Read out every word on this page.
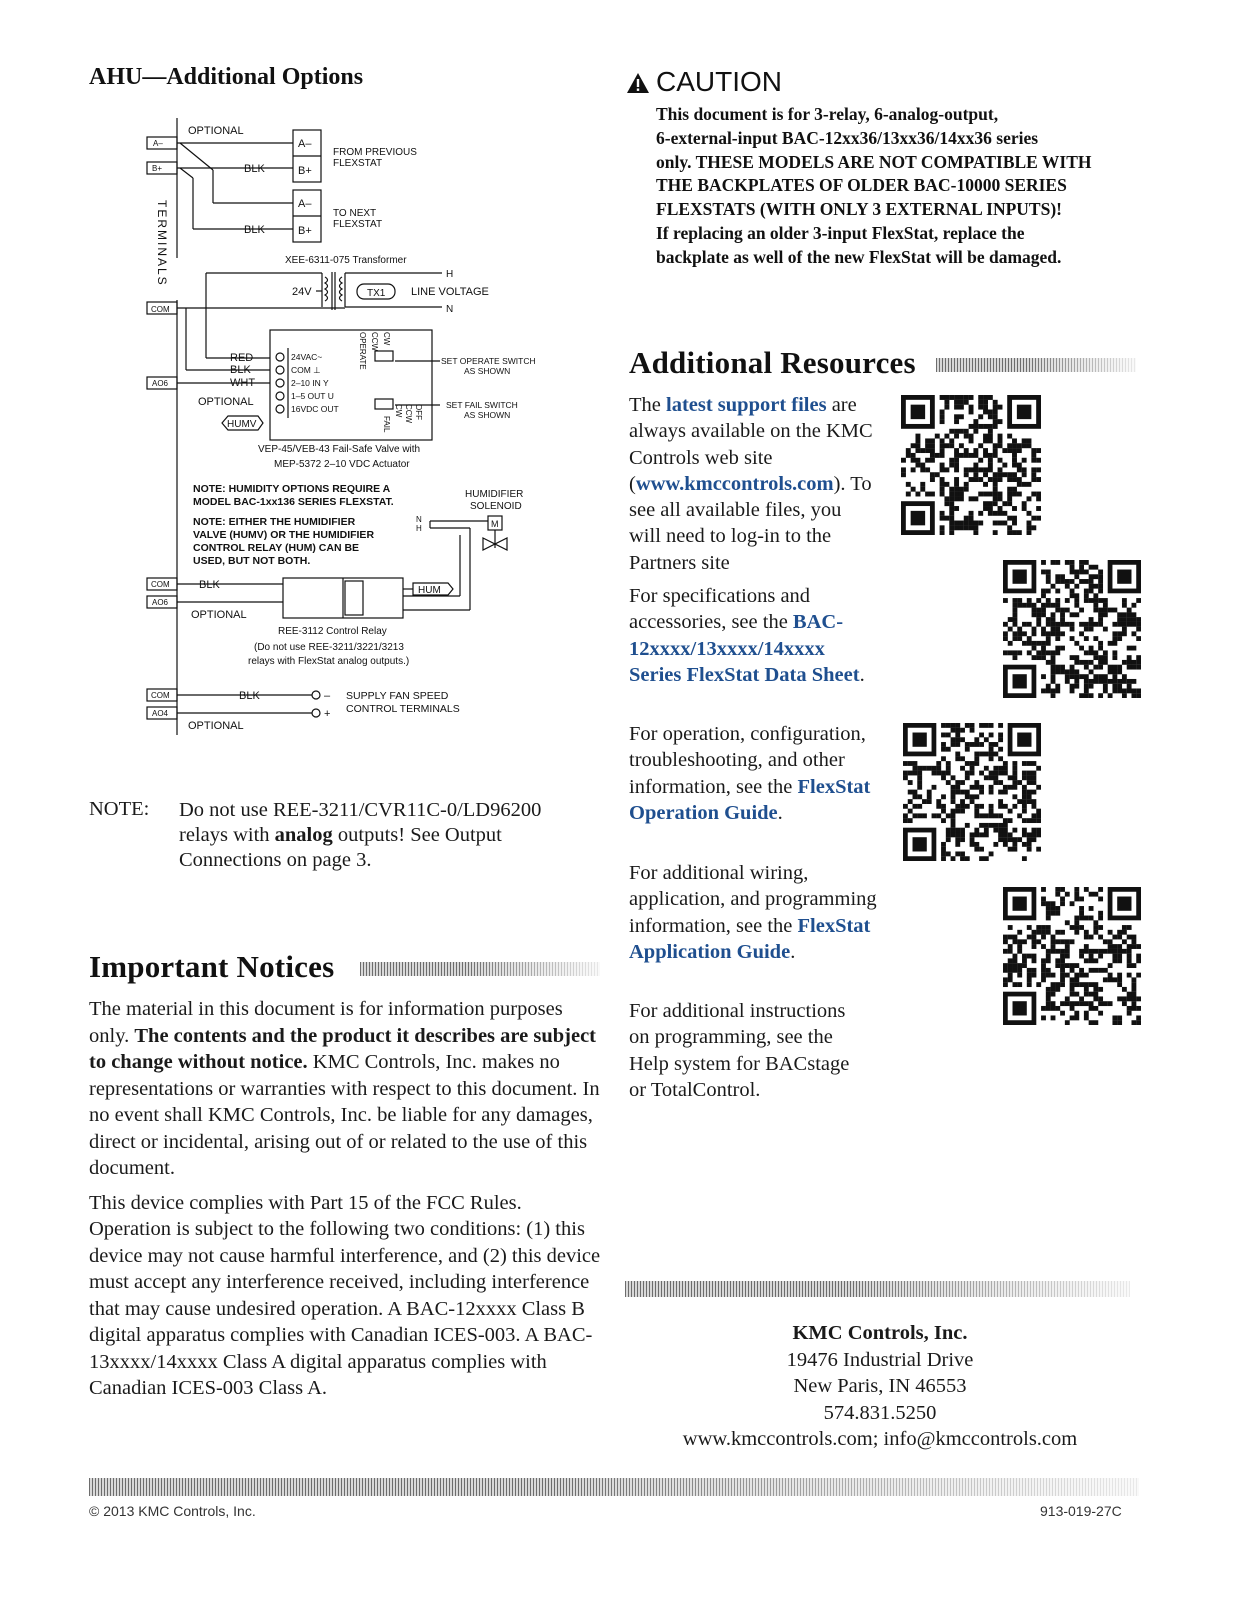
AHU—Additional Options
OPTIONAL
A–
B+
A–
B+
A–
B+
BLK
BLK
FROM PREVIOUS
FLEXSTAT
TO NEXT
FLEXSTAT
TERMINALS	XEE-6311-075 Transformer
24V	TX1 LINE VOLTAGE
H
N
COM
RED
BLK
WHT
AO6
24VAC~
COM ⊥
2–10 IN Y
1–5 OUT U
16VDC OUT
OPERATE CCW CW
CW CCW OFF
FAIL
SET OPERATE SWITCH
AS SHOWN
SET FAIL SWITCH
AS SHOWN
OPTIONAL
HUMV
VEP-45/VEB-43 Fail-Safe Valve with
MEP-5372 2–10 VDC Actuator
NOTE: HUMIDITY OPTIONS REQUIRE A
MODEL BAC-1xx136 SERIES FLEXSTAT.
NOTE: EITHER THE HUMIDIFIER
VALVE (HUMV) OR THE HUMIDIFIER
CONTROL RELAY (HUM) CAN BE
USED, BUT NOT BOTH.
N
H
HUMIDIFIER
SOLENOID
M
COM
AO6
BLK
OPTIONAL
HUM
REE-3112 Control Relay
(Do not use REE-3211/3221/3213
relays with FlexStat analog outputs.)
COM
AO4
BLK	–
+
SUPPLY FAN SPEED
CONTROL TERMINALS
OPTIONAL
NOTE: Do not use REE-3211/CVR11C-0/LD96200
relays with analog outputs! See Output
Connections on page 3.
Important Notices

The material in this document is for information purposes only. The contents and the product it describes are subject to change without notice. KMC Controls, Inc. makes no representations or warranties with respect to this document. In no event shall KMC Controls, Inc. be liable for any damages, direct or incidental, arising out of or related to the use of this document.

This device complies with Part 15 of the FCC Rules. Operation is subject to the following two conditions: (1) this device may not cause harmful interference, and (2) this device must accept any interference received, including interference that may cause undesired operation. A BAC-12xxxx Class B digital apparatus complies with Canadian ICES-003. A BAC-13xxxx/14xxxx Class A digital apparatus complies with Canadian ICES-003 Class A.

CAUTION
This document is for 3-relay, 6-analog-output,
6-external-input BAC-12xx36/13xx36/14xx36 series
only. THESE MODELS ARE NOT COMPATIBLE WITH
THE BACKPLATES OF OLDER BAC-10000 SERIES
FLEXSTATS (WITH ONLY 3 EXTERNAL INPUTS)!
If replacing an older 3-input FlexStat, replace the
backplate as well of the new FlexStat will be damaged.
Additional Resources
The latest support files are always available on the KMC Controls web site (www.kmccontrols.com). To see all available files, you will need to log-in to the Partners site
For specifications and accessories, see the BAC-12xxxx/13xxxx/14xxxx Series FlexStat Data Sheet.
For operation, configuration, troubleshooting, and other information, see the FlexStat Operation Guide.
For additional wiring, application, and programming information, see the FlexStat Application Guide.
For additional instructions on programming, see the Help system for BACstage or TotalControl.
KMC Controls, Inc.
19476 Industrial Drive
New Paris, IN 46553
574.831.5250
www.kmccontrols.com; info@kmccontrols.com
© 2013 KMC Controls, Inc.	913-019-27C
